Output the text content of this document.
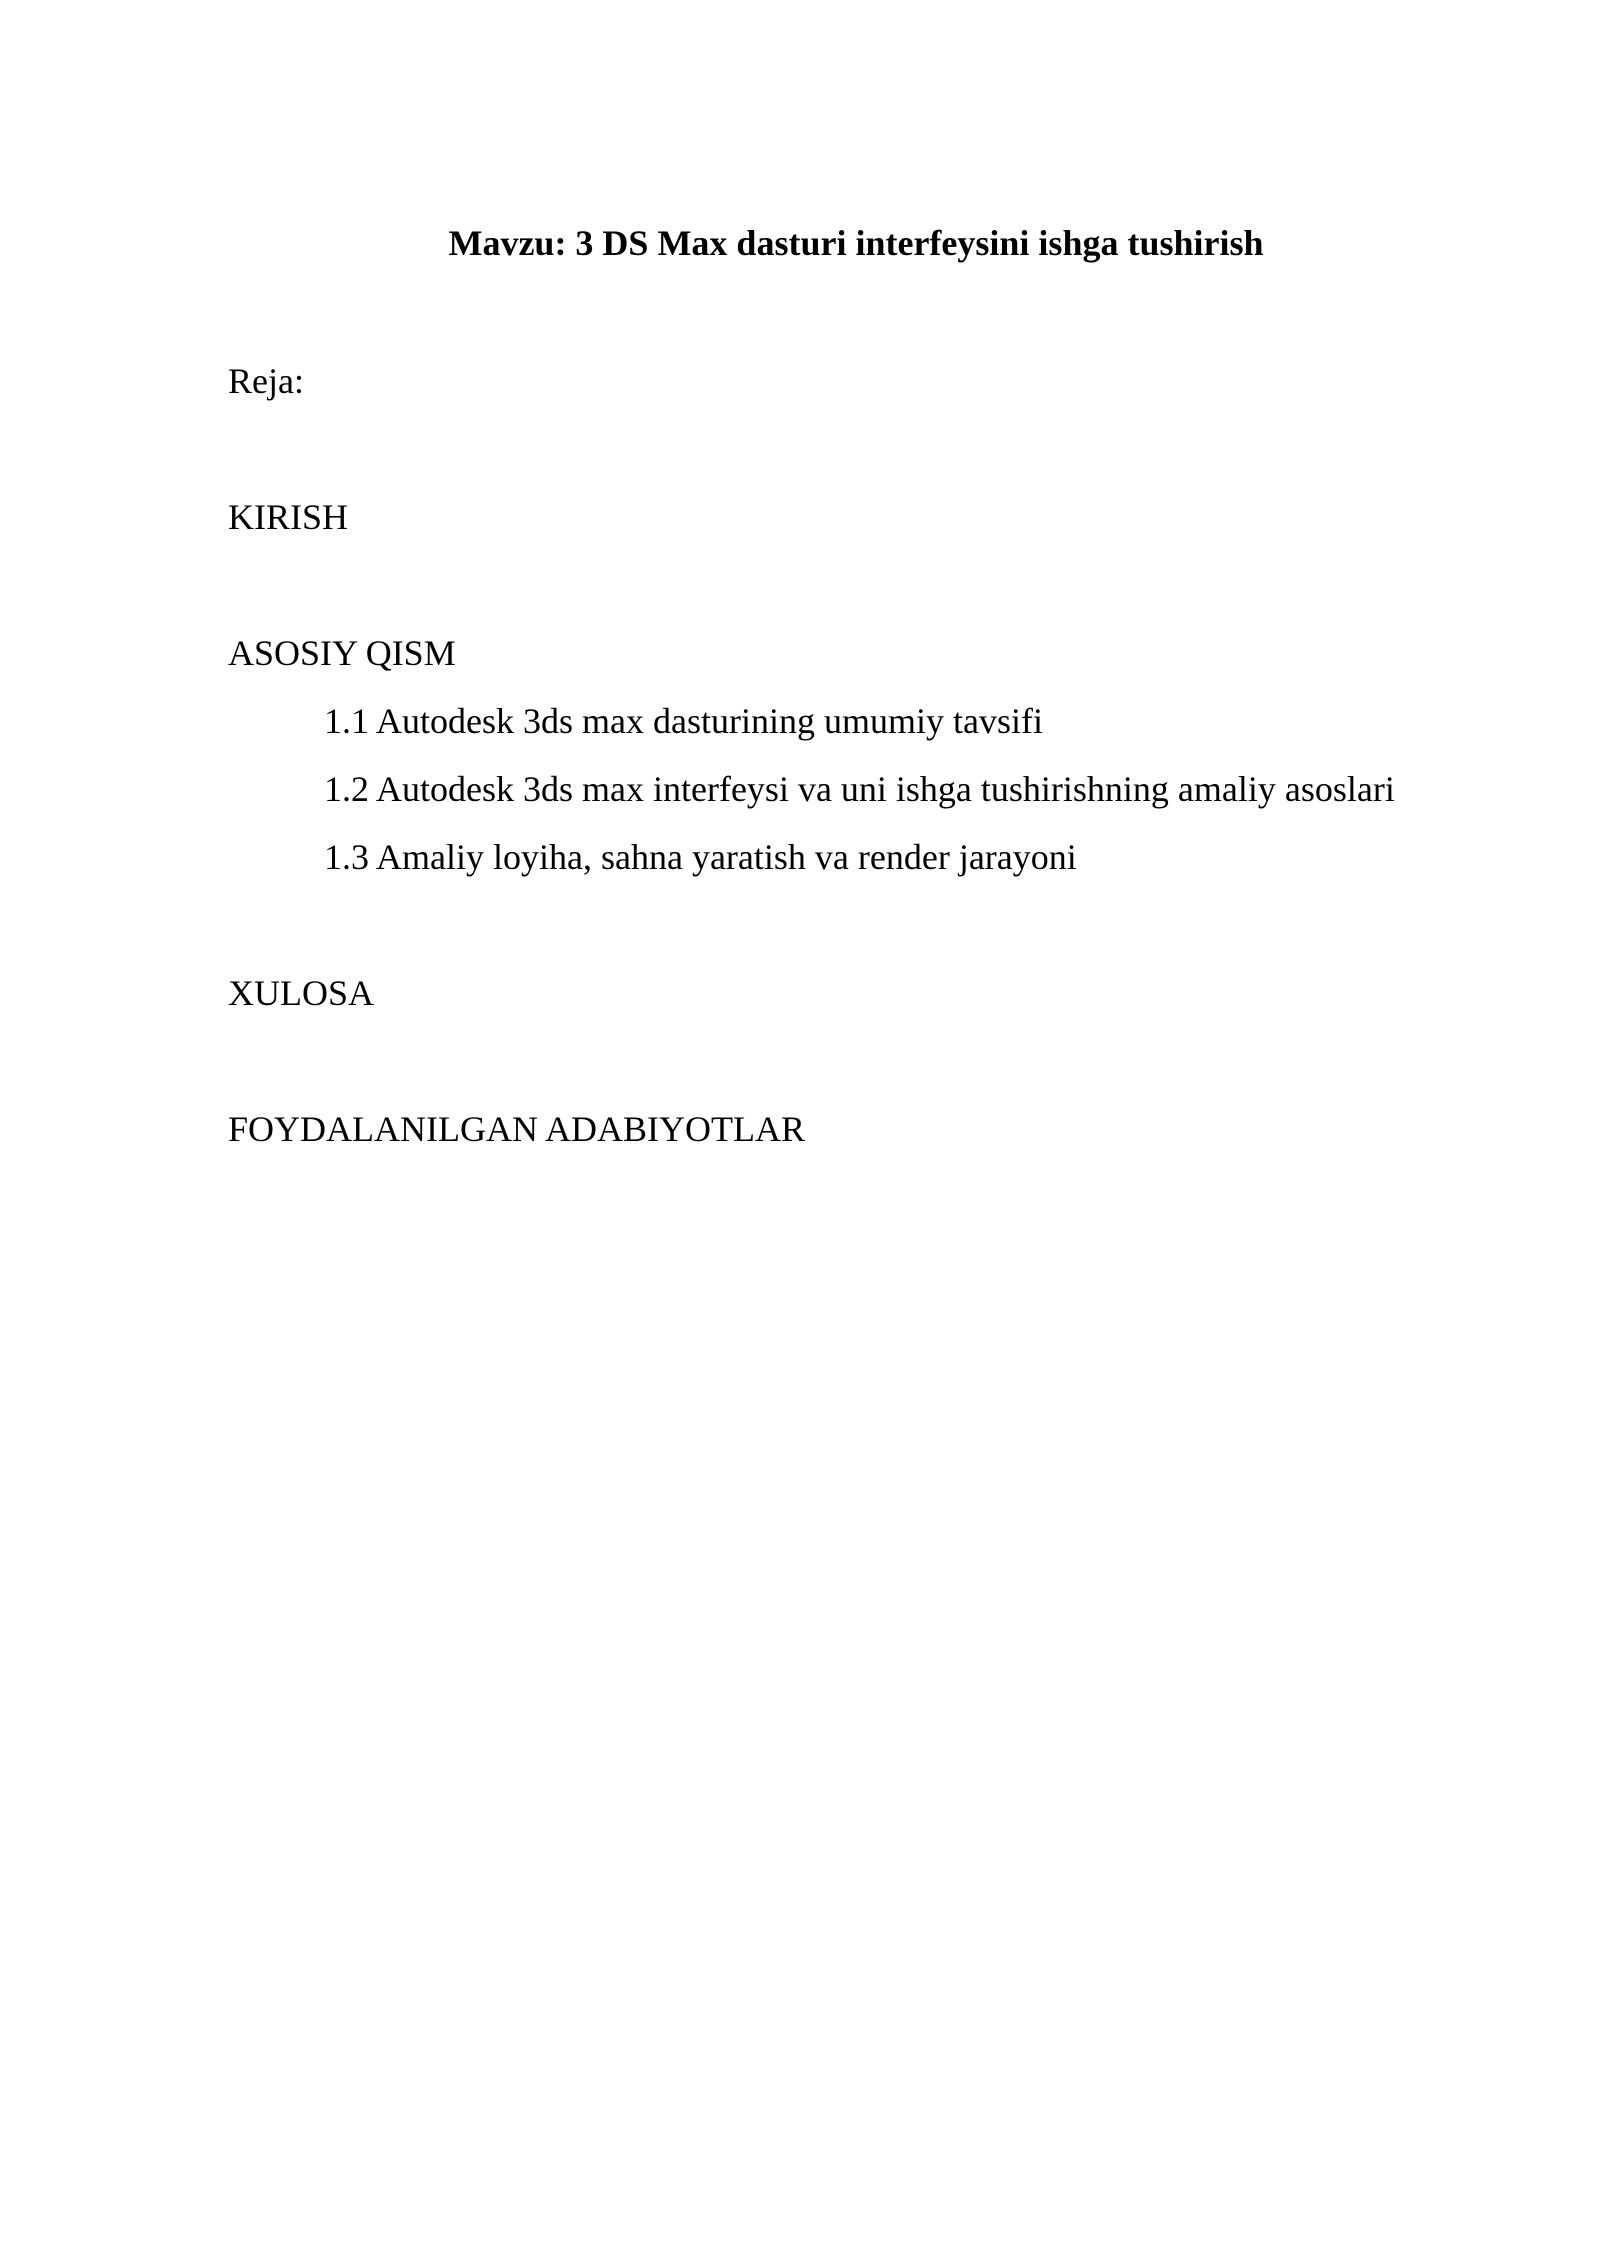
Mavzu: 3 DS Max dasturi interfeysini ishga tushirish
Reja:
KIRISH
ASOSIY QISM
1.1 Autodesk 3ds max dasturining umumiy tavsifi
1.2 Autodesk 3ds max interfeysi va uni ishga tushirishning amaliy asoslari
1.3 Amaliy loyiha, sahna yaratish va render jarayoni
XULOSA
FOYDALANILGAN ADABIYOTLAR
